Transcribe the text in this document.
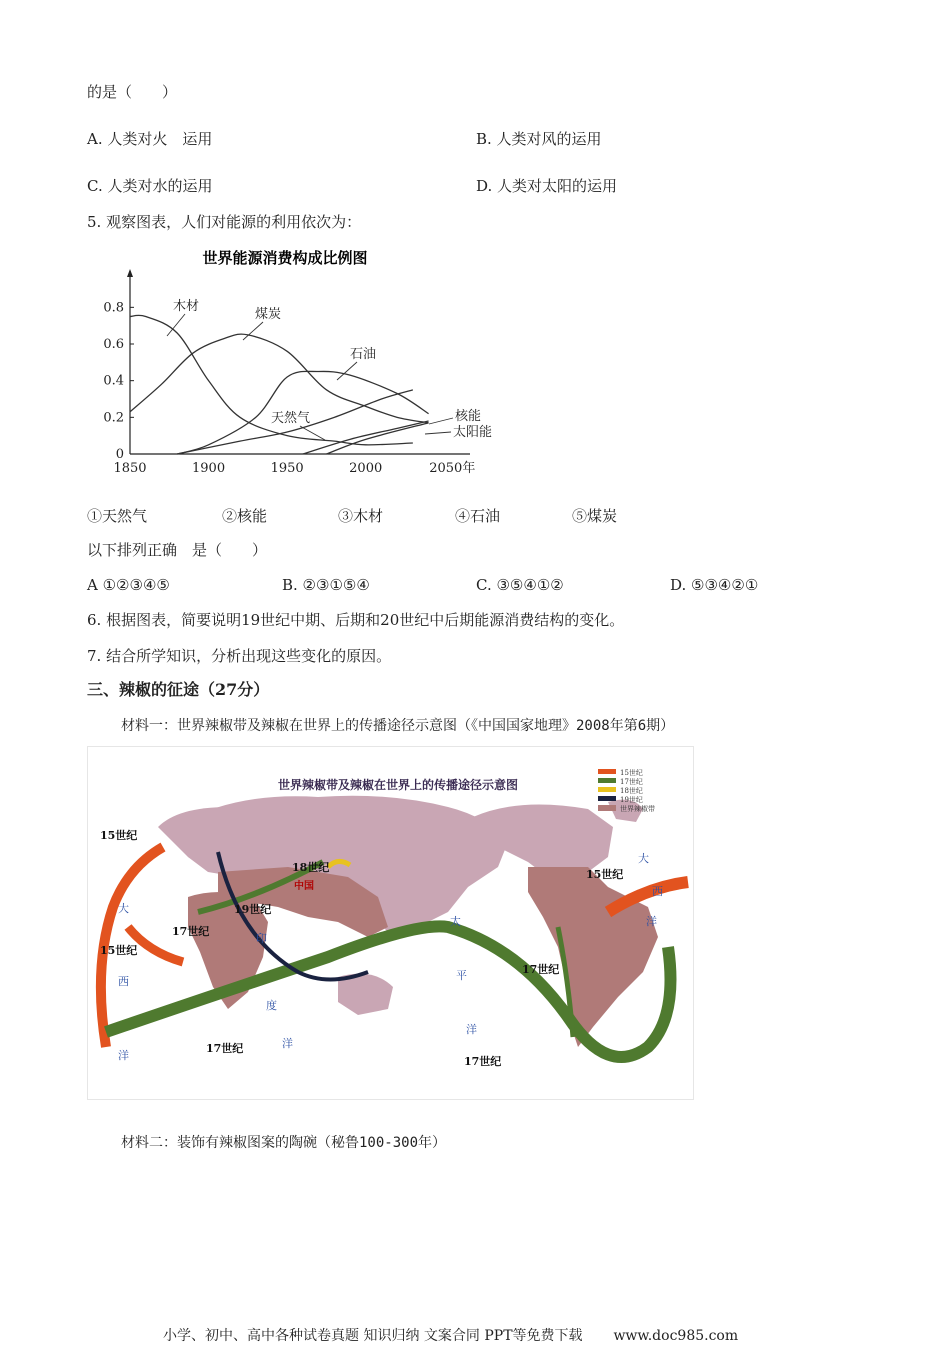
的是（　　）
A. 人类对火　运用	B. 人类对风的运用
C. 人类对水的运用	D. 人类对太阳的运用
5. 观察图表，人们对能源的利用依次为：
世界能源消费构成比例图
1850	1900	1950	2000	2050年
0
0.2
0.4
0.6
0.8	木材
煤炭
石油
天然气	核能
太阳能
①天然气	②核能	③木材	④石油	⑤煤炭
以下排列正确　是（　　）
A ①②③④⑤	B. ②③①⑤④	C. ③⑤④①②	D. ⑤③④②①
6. 根据图表，简要说明19世纪中期、后期和20世纪中后期能源消费结构的变化。
7. 结合所学知识，分析出现这些变化的原因。
三、辣椒的征途（27分）
材料一：世界辣椒带及辣椒在世界上的传播途径示意图（《中国国家地理》2008年第6期）
世界辣椒带及辣椒在世界上的传播途径示意图
15世纪
17世纪
18世纪
19世纪
世界辣椒带
15世纪
15世纪
17世纪
19世纪
18世纪
15世纪
17世纪
17世纪
17世纪
中国
大
西
洋
印
度
洋
太
平
洋
大
西
洋
材料二：装饰有辣椒图案的陶碗（秘鲁100-300年）
小学、初中、高中各种试卷真题 知识归纳 文案合同 PPT等免费下载 www.doc985.com
